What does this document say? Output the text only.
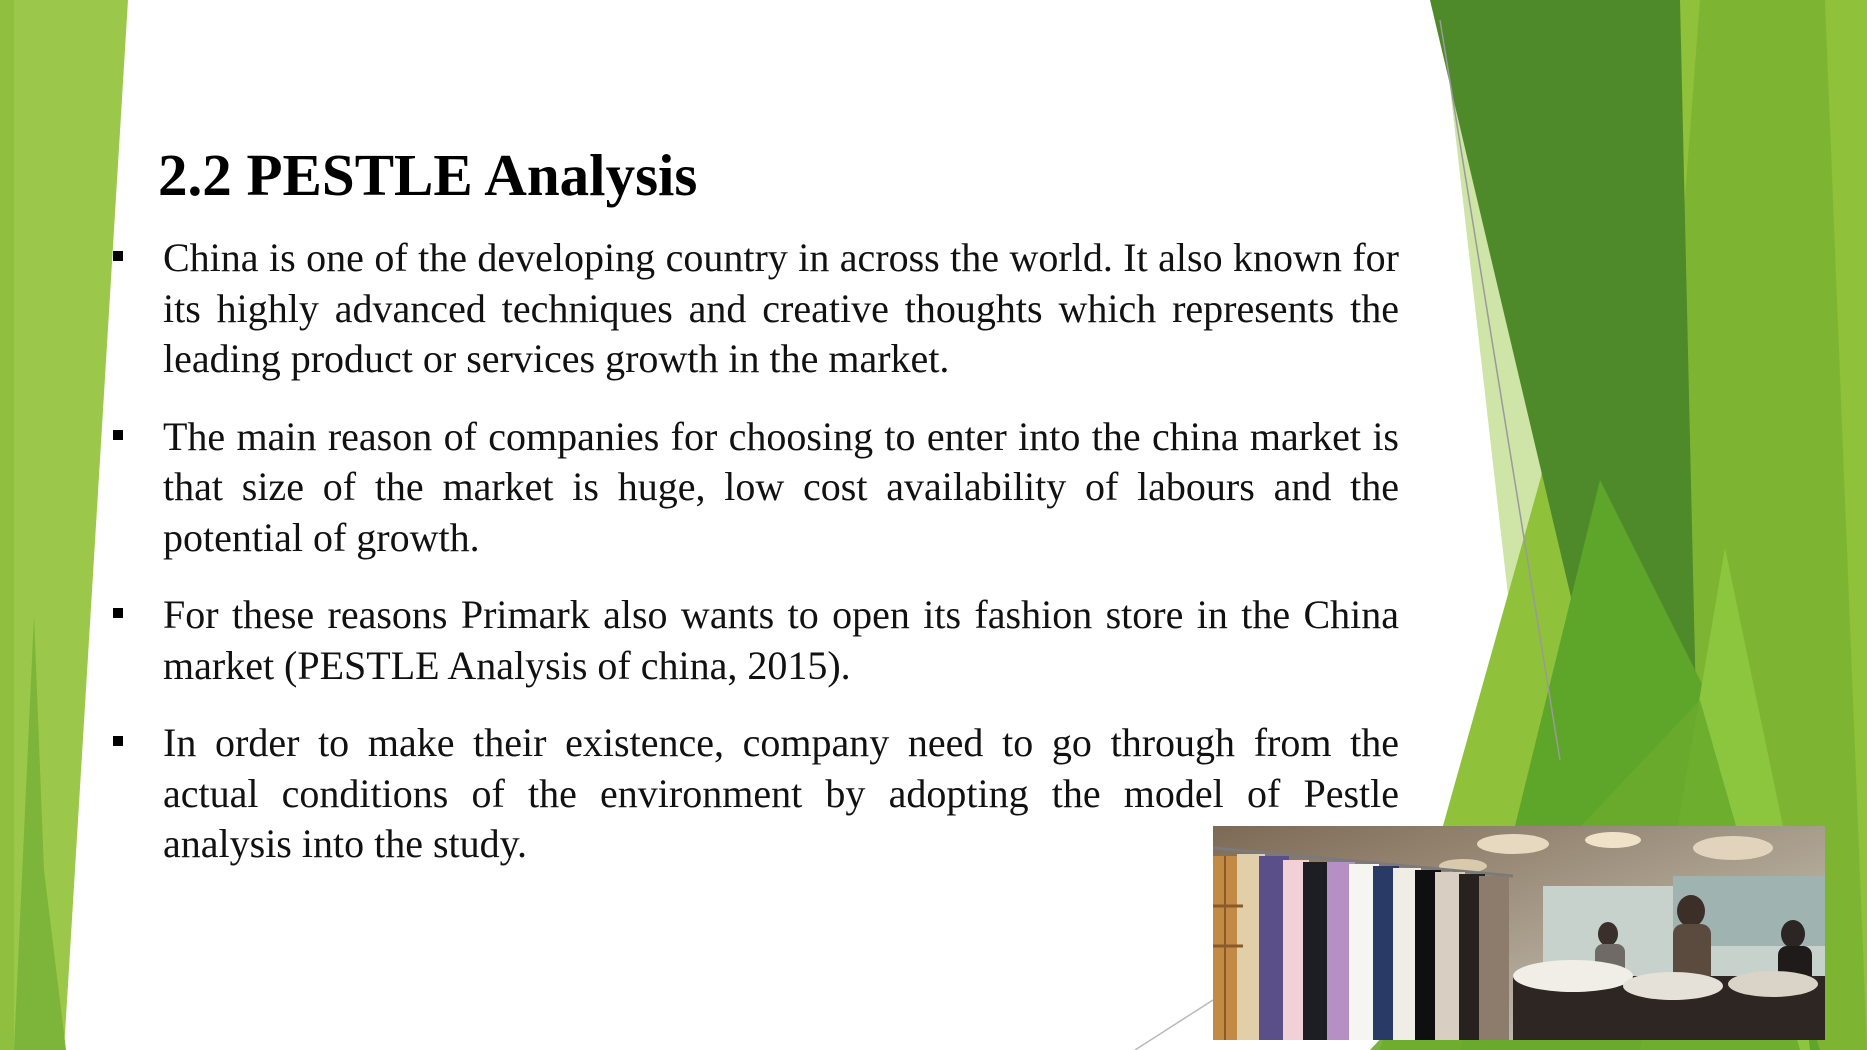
2.2 PESTLE Analysis
China is one of the developing country in across the world. It also known for its highly advanced techniques and creative thoughts which represents the leading product or services growth in the market.
The main reason of companies for choosing to enter into the china market is that size of the market is huge, low cost availability of labours and the potential of growth.
For these reasons Primark also wants to open its fashion store in the China market (PESTLE Analysis of china, 2015).
In order to make their existence, company need to go through from the actual conditions of the environment by adopting the model of Pestle analysis into the study.
